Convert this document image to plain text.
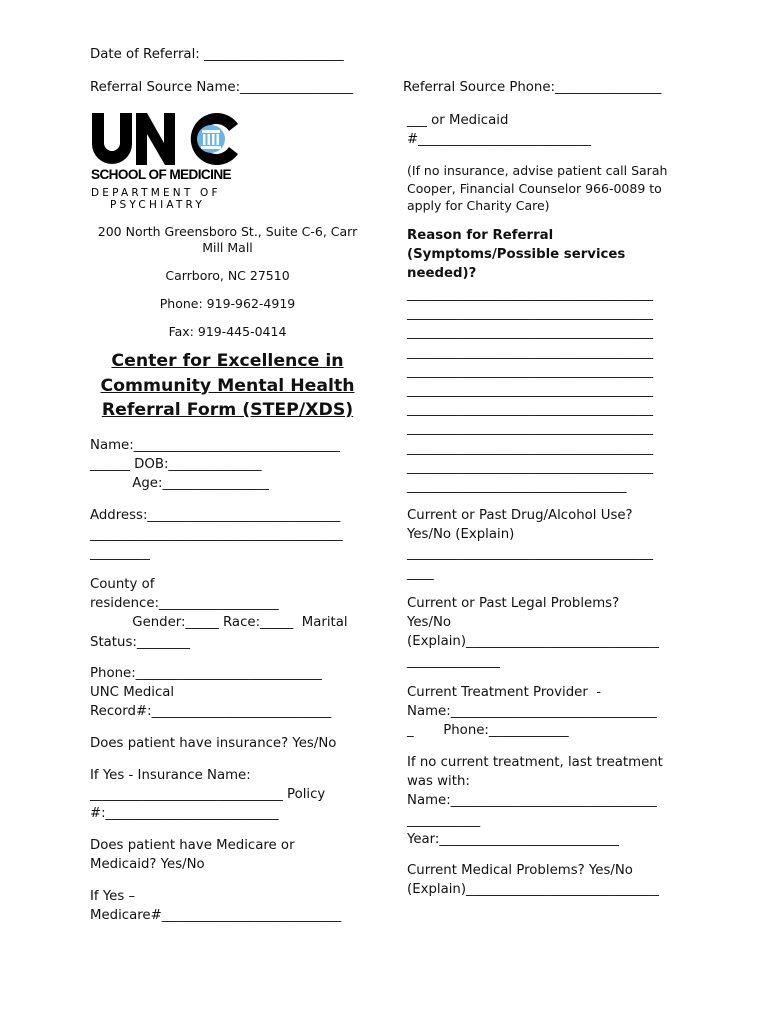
Date of Referral: _____________________
Referral Source Name:_________________	Referral Source Phone:________________
SCHOOL OF MEDICINE
DEPARTMENT OF
PSYCHIATRY
200 North Greensboro St., Suite C-6, Carr
Mill Mall
Carrboro, NC 27510
Phone: 919-962-4919
Fax: 919-445-0414
Center for Excellence in
Community Mental Health
Referral Form (STEP/XDS)

Name:_______________________________

______ DOB:______________

Age:________________

Address:_____________________________

______________________________________

_________

County of

residence:__________________

Gender:_____ Race:_____  Marital

Status:________

Phone:____________________________

UNC Medical

Record#:___________________________

Does patient have insurance? Yes/No

If Yes - Insurance Name:

_____________________________ Policy

#:__________________________

Does patient have Medicare or

Medicaid? Yes/No

If Yes –

Medicare#___________________________

___ or Medicaid

#__________________________

(If no insurance, advise patient call Sarah

Cooper, Financial Counselor 966-0089 to

apply for Charity Care)

Reason for Referral

(Symptoms/Possible services

needed)?

_____________________________________
_____________________________________
_____________________________________
_____________________________________
_____________________________________
_____________________________________
_____________________________________
_____________________________________
_____________________________________
_____________________________________
_________________________________

Current or Past Drug/Alcohol Use?

Yes/No (Explain)

_____________________________________

____

Current or Past Legal Problems?

Yes/No

(Explain)_____________________________

______________

Current Treatment Provider  -

Name:_______________________________

_       Phone:____________

If no current treatment, last treatment

was with:

Name:_______________________________

___________

Year:___________________________

Current Medical Problems? Yes/No

(Explain)_____________________________
